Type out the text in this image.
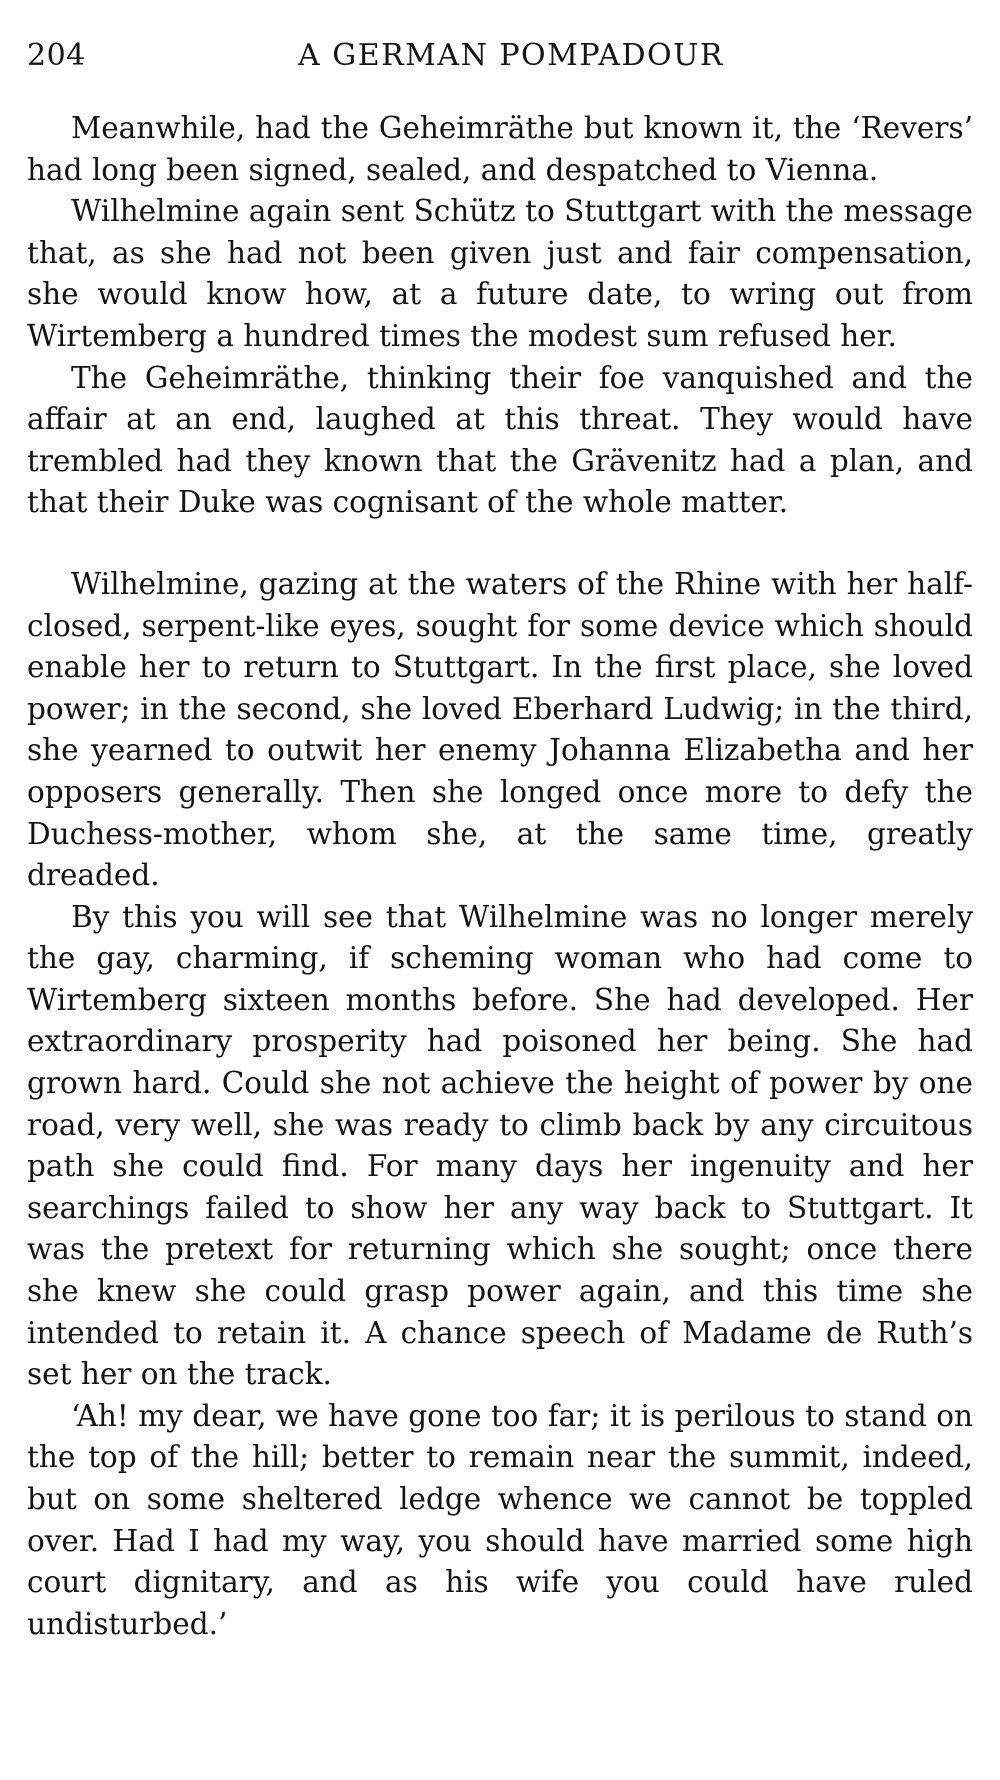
204	A GERMAN POMPADOUR

Meanwhile, had the Geheimräthe but known it, the ‘Revers’ had long been signed, sealed, and despatched to Vienna.

Wilhelmine again sent Schütz to Stuttgart with the message that, as she had not been given just and fair compensation, she would know how, at a future date, to wring out from Wirtemberg a hundred times the modest sum refused her.

The Geheimräthe, thinking their foe vanquished and the affair at an end, laughed at this threat. They would have trembled had they known that the Grävenitz had a plan, and that their Duke was cognisant of the whole matter.

Wilhelmine, gazing at the waters of the Rhine with her half-closed, serpent-like eyes, sought for some device which should enable her to return to Stuttgart. In the first place, she loved power; in the second, she loved Eberhard Ludwig; in the third, she yearned to outwit her enemy Johanna Elizabetha and her opposers generally. Then she longed once more to defy the Duchess-mother, whom she, at the same time, greatly dreaded.

By this you will see that Wilhelmine was no longer merely the gay, charming, if scheming woman who had come to Wirtemberg sixteen months before. She had developed. Her extraordinary prosperity had poisoned her being. She had grown hard. Could she not achieve the height of power by one road, very well, she was ready to climb back by any circuitous path she could find. For many days her ingenuity and her searchings failed to show her any way back to Stuttgart. It was the pretext for returning which she sought; once there she knew she could grasp power again, and this time she intended to retain it. A chance speech of Madame de Ruth’s set her on the track.

‘Ah! my dear, we have gone too far; it is perilous to stand on the top of the hill; better to remain near the summit, indeed, but on some sheltered ledge whence we cannot be toppled over. Had I had my way, you should have married some high court dignitary, and as his wife you could have ruled undisturbed.’
